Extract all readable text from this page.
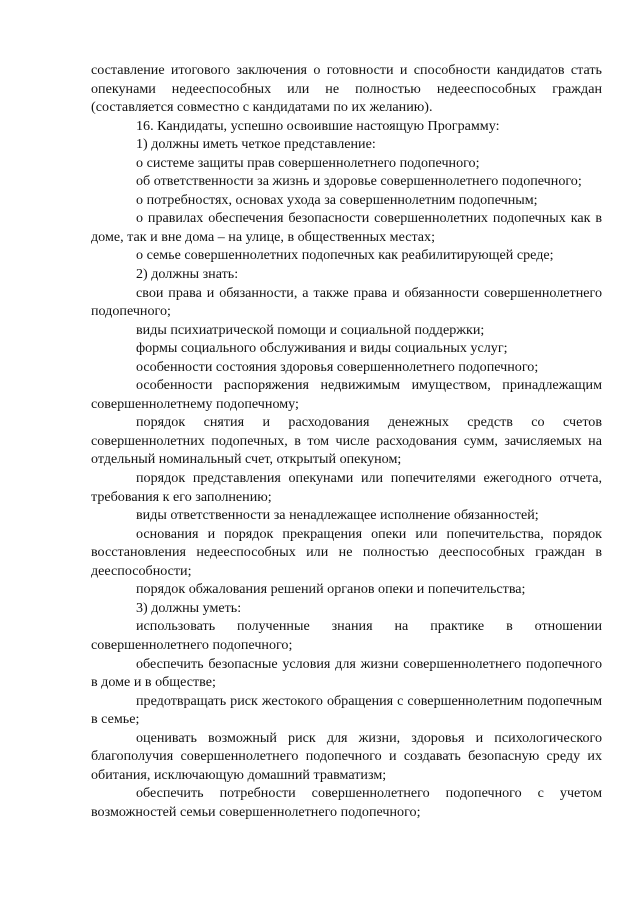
составление итогового заключения о готовности и способности кандидатов стать опекунами недееспособных или не полностью недееспособных граждан (составляется совместно с кандидатами по их желанию).

16. Кандидаты, успешно освоившие настоящую Программу:

1) должны иметь четкое представление:

о системе защиты прав совершеннолетнего подопечного;

об ответственности за жизнь и здоровье совершеннолетнего подопечного;

о потребностях, основах ухода за совершеннолетним подопечным;

о правилах обеспечения безопасности совершеннолетних подопечных как в доме, так и вне дома – на улице, в общественных местах;

о семье совершеннолетних подопечных как реабилитирующей среде;

2) должны знать:

свои права и обязанности, а также права и обязанности совершеннолетнего подопечного;

виды психиатрической помощи и социальной поддержки;

формы социального обслуживания и виды социальных услуг;

особенности состояния здоровья совершеннолетнего подопечного;

особенности распоряжения недвижимым имуществом, принадлежащим совершеннолетнему подопечному;

порядок снятия и расходования денежных средств со счетов совершеннолетних подопечных, в том числе расходования сумм, зачисляемых на отдельный номинальный счет, открытый опекуном;

порядок представления опекунами или попечителями ежегодного отчета, требования к его заполнению;

виды ответственности за ненадлежащее исполнение обязанностей;

основания и порядок прекращения опеки или попечительства, порядок восстановления недееспособных или не полностью дееспособных граждан в дееспособности;

порядок обжалования решений органов опеки и попечительства;

3) должны уметь:

использовать полученные знания на практике в отношении совершеннолетнего подопечного;

обеспечить безопасные условия для жизни совершеннолетнего подопечного в доме и в обществе;

предотвращать риск жестокого обращения с совершеннолетним подопечным в семье;

оценивать возможный риск для жизни, здоровья и психологического благополучия совершеннолетнего подопечного и создавать безопасную среду их обитания, исключающую домашний травматизм;

обеспечить потребности совершеннолетнего подопечного с учетом возможностей семьи совершеннолетнего подопечного;
